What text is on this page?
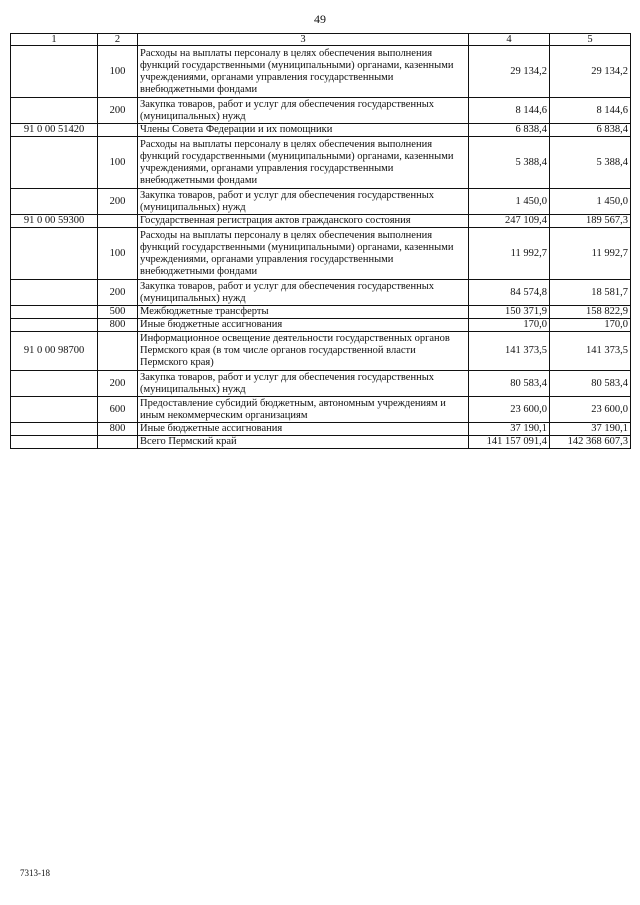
49
1	2	3	4	5
	100	Расходы на выплаты персоналу в целях обеспечения выполнения функций государственными (муниципальными) органами, казенными учреждениями, органами управления государственными внебюджетными фондами	29 134,2	29 134,2
	200	Закупка товаров, работ и услуг для обеспечения государственных (муниципальных) нужд	8 144,6	8 144,6
91 0 00 51420		Члены Совета Федерации и их помощники	6 838,4	6 838,4
	100	Расходы на выплаты персоналу в целях обеспечения выполнения функций государственными (муниципальными) органами, казенными учреждениями, органами управления государственными внебюджетными фондами	5 388,4	5 388,4
	200	Закупка товаров, работ и услуг для обеспечения государственных (муниципальных) нужд	1 450,0	1 450,0
91 0 00 59300		Государственная регистрация актов гражданского состояния	247 109,4	189 567,3
	100	Расходы на выплаты персоналу в целях обеспечения выполнения функций государственными (муниципальными) органами, казенными учреждениями, органами управления государственными внебюджетными фондами	11 992,7	11 992,7
	200	Закупка товаров, работ и услуг для обеспечения государственных (муниципальных) нужд	84 574,8	18 581,7
	500	Межбюджетные трансферты	150 371,9	158 822,9
	800	Иные бюджетные ассигнования	170,0	170,0
91 0 00 98700		Информационное освещение деятельности государственных органов Пермского края (в том числе органов государственной власти Пермского края)	141 373,5	141 373,5
	200	Закупка товаров, работ и услуг для обеспечения государственных (муниципальных) нужд	80 583,4	80 583,4
	600	Предоставление субсидий бюджетным, автономным учреждениям и иным некоммерческим организациям	23 600,0	23 600,0
	800	Иные бюджетные ассигнования	37 190,1	37 190,1
		Всего Пермский край	141 157 091,4	142 368 607,3
7313-18
